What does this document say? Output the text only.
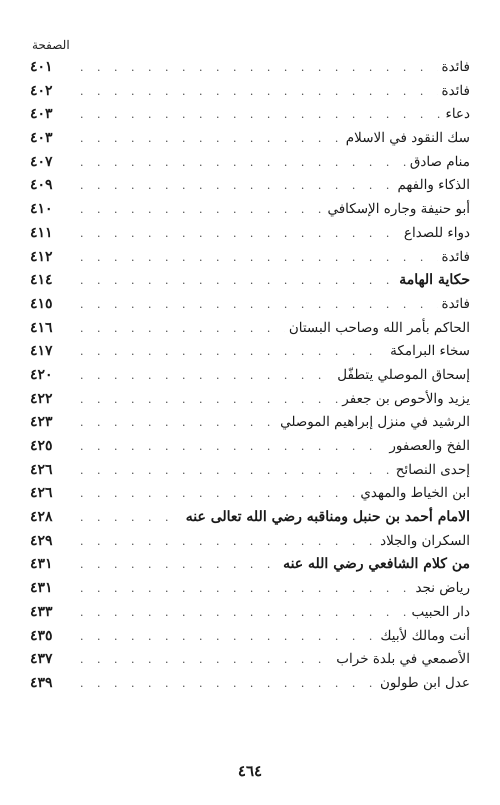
الصفحة
فائدة
. . .
٤٠١
فائدة
. . .
٤٠٢
دعاء
. . .
٤٠٣
سك النقود في الاسلام
. . .
٤٠٣
منام صادق
. . .
٤٠٧
الذكاء والفهم
. . .
٤٠٩
أبو حنيفة وجاره الإسكافي
. . .
٤١٠
دواء للصداع
. . .
٤١١
فائدة
. . .
٤١٢
حكاية الهامة
. . .
٤١٤
فائدة
. . .
٤١٥
الحاكم بأمر الله وصاحب البستان
. . .
٤١٦
سخاء البرامكة
. . .
٤١٧
إسحاق الموصلي يتطفّل
. . .
٤٢٠
يزيد والأحوص بن جعفر
. . .
٤٢٢
الرشيد في منزل إبراهيم الموصلي
. . .
٤٢٣
الفخ والعصفور
. . .
٤٢٥
إحدى النصائح
. . .
٤٢٦
ابن الخياط والمهدي
. . .
٤٢٦
الامام أحمد بن حنبل ومناقبه رضي الله تعالى عنه
. . .
٤٢٨
السكران والجلاد
. . .
٤٢٩
من كلام الشافعي رضي الله عنه
. . .
٤٣١
رياض نجد
. . .
٤٣١
دار الحبيب
. . .
٤٣٣
أنت ومالك لأبيك
. . .
٤٣٥
الأصمعي في بلدة خراب
. . .
٤٣٧
عدل ابن طولون
. . .
٤٣٩
٤٦٤
